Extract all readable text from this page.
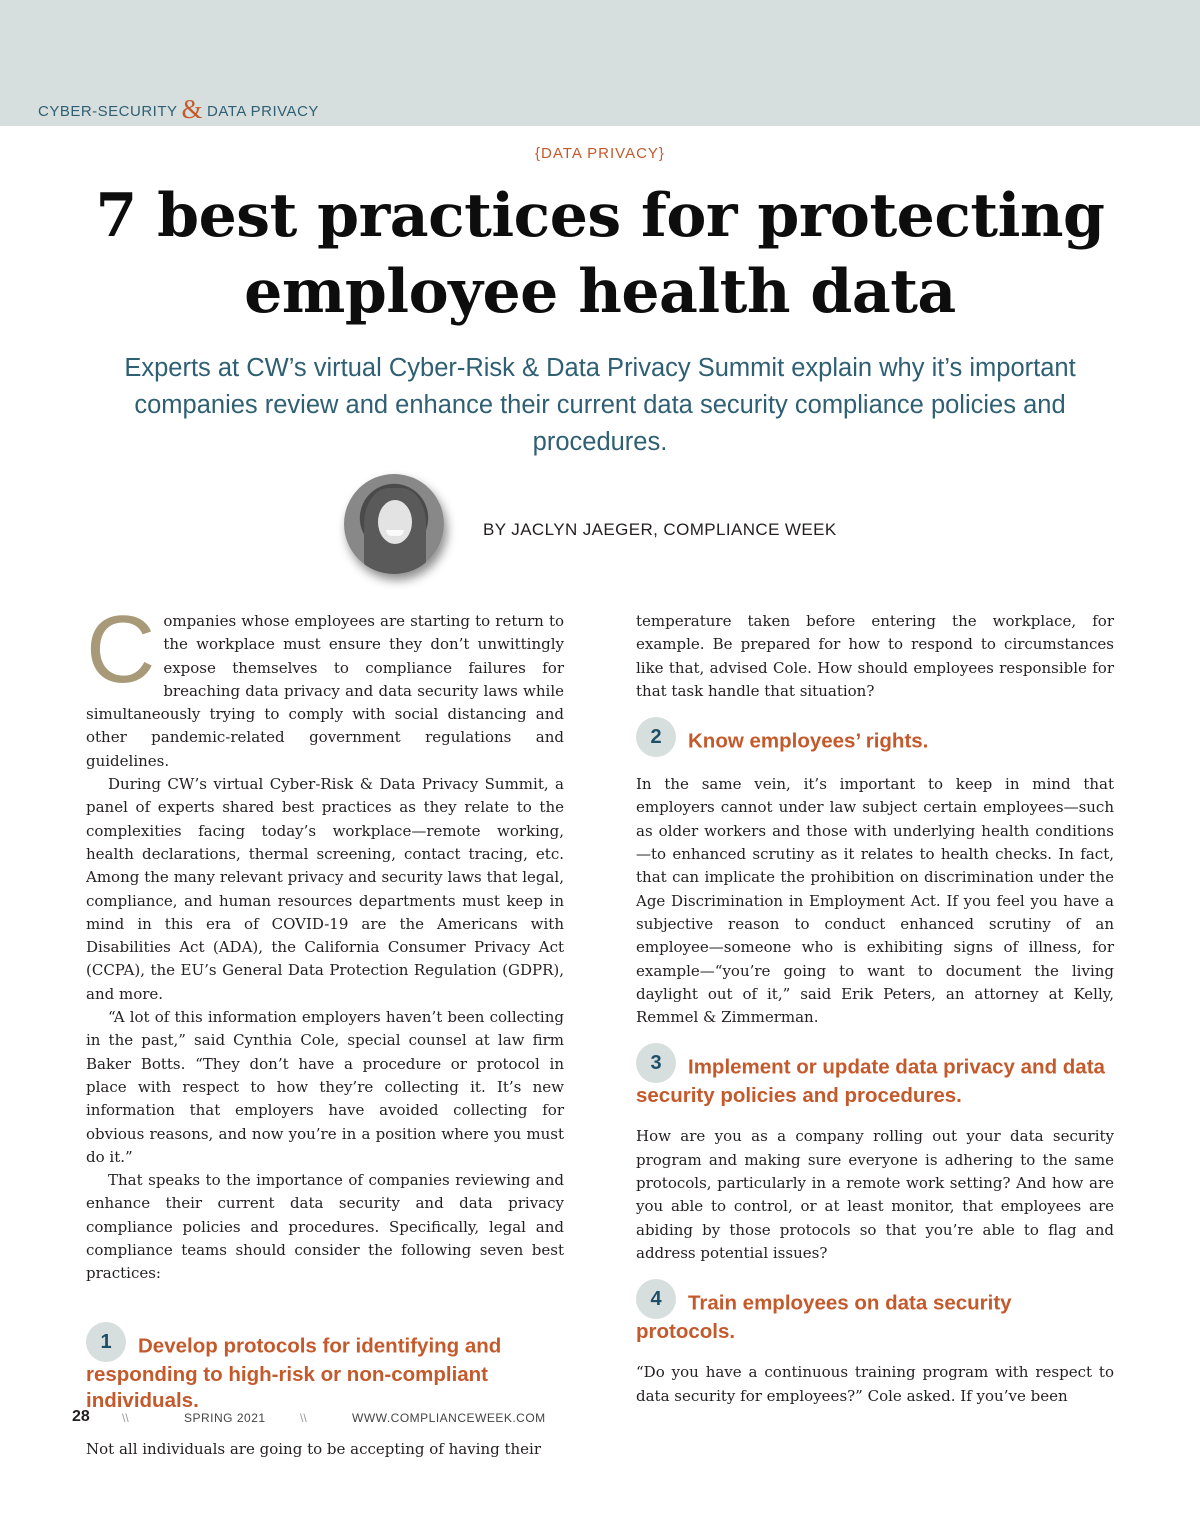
CYBER-SECURITY & DATA PRIVACY
{DATA PRIVACY}
7 best practices for protecting employee health data

Experts at CW’s virtual Cyber-Risk & Data Privacy Summit explain why it’s important companies review and enhance their current data security compliance policies and procedures.

BY JACLYN JAEGER, COMPLIANCE WEEK

Companies whose employees are starting to return to the workplace must ensure they don’t unwittingly expose themselves to compliance failures for breaching data privacy and data security laws while simultaneously trying to comply with social distancing and other pandemic-related government regulations and guidelines.

During CW’s virtual Cyber-Risk & Data Privacy Summit, a panel of experts shared best practices as they relate to the complexities facing today’s workplace—remote working, health declarations, thermal screening, contact tracing, etc. Among the many relevant privacy and security laws that legal, compliance, and human resources departments must keep in mind in this era of COVID-19 are the Americans with Disabilities Act (ADA), the California Consumer Privacy Act (CCPA), the EU’s General Data Protection Regulation (GDPR), and more.

“A lot of this information employers haven’t been collecting in the past,” said Cynthia Cole, special counsel at law firm Baker Botts. “They don’t have a procedure or protocol in place with respect to how they’re collecting it. It’s new information that employers have avoided collecting for obvious reasons, and now you’re in a position where you must do it.”

That speaks to the importance of companies reviewing and enhance their current data security and data privacy compliance policies and procedures. Specifically, legal and compliance teams should consider the following seven best practices:

1 Develop protocols for identifying and responding to high-risk or non-compliant individuals.

Not all individuals are going to be accepting of having their

temperature taken before entering the workplace, for example. Be prepared for how to respond to circumstances like that, advised Cole. How should employees responsible for that task handle that situation?

2 Know employees’ rights.

In the same vein, it’s important to keep in mind that employers cannot under law subject certain employees—such as older workers and those with underlying health conditions—to enhanced scrutiny as it relates to health checks. In fact, that can implicate the prohibition on discrimination under the Age Discrimination in Employment Act. If you feel you have a subjective reason to conduct enhanced scrutiny of an employee—someone who is exhibiting signs of illness, for example—“you’re going to want to document the living daylight out of it,” said Erik Peters, an attorney at Kelly, Remmel & Zimmerman.

3 Implement or update data privacy and data security policies and procedures.

How are you as a company rolling out your data security program and making sure everyone is adhering to the same protocols, particularly in a remote work setting? And how are you able to control, or at least monitor, that employees are abiding by those protocols so that you’re able to flag and address potential issues?

4 Train employees on data security protocols.

“Do you have a continuous training program with respect to data security for employees?” Cole asked. If you’ve been

28	\\	SPRING 2021	\\	WWW.COMPLIANCEWEEK.COM
